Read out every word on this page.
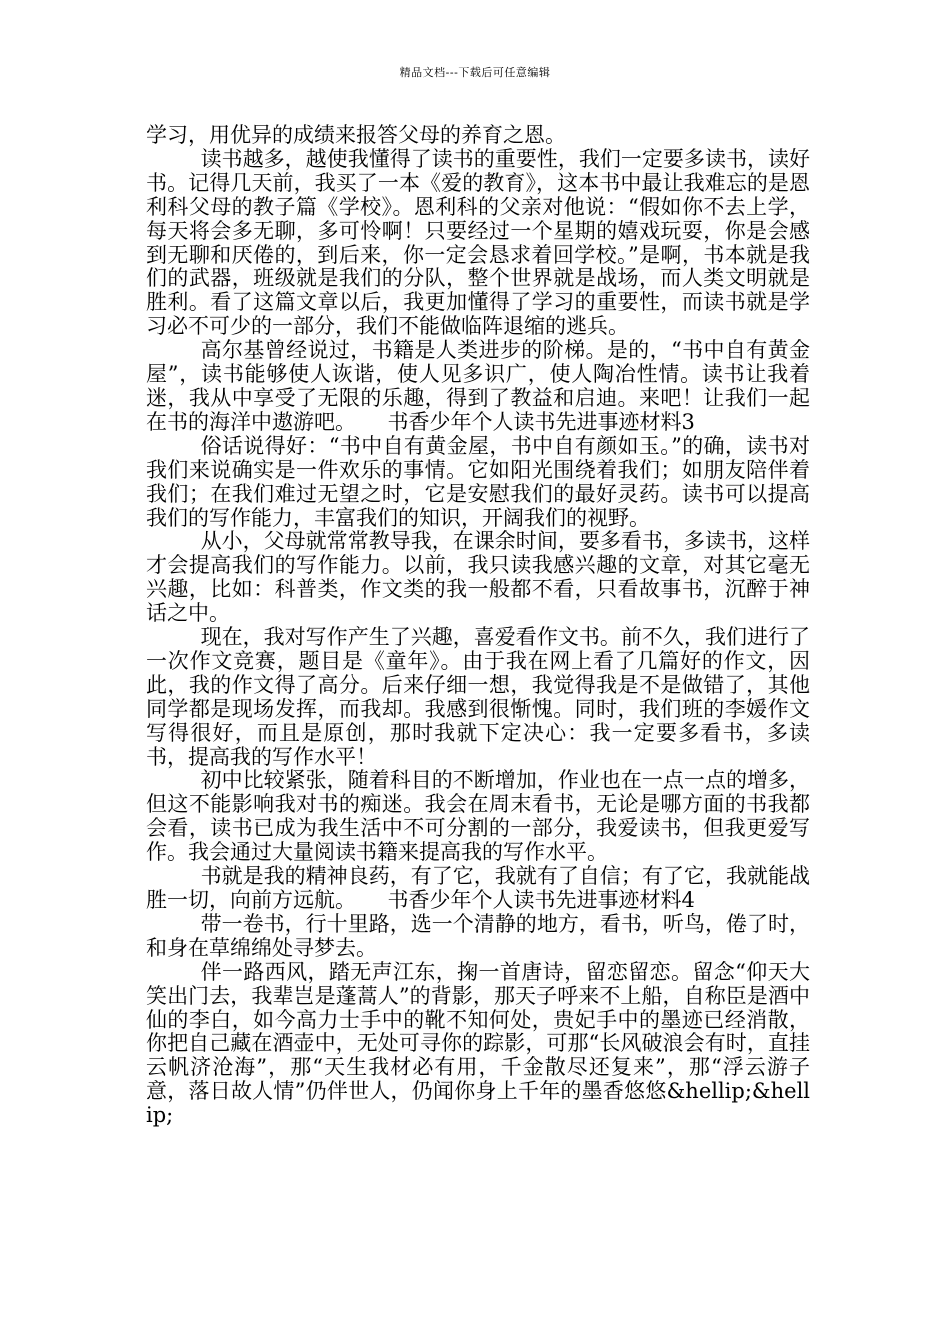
精品文档---下载后可任意编辑

学习，用优异的成绩来报答父母的养育之恩。

读书越多，越使我懂得了读书的重要性，我们一定要多读书，读好书。记得几天前，我买了一本《爱的教育》，这本书中最让我难忘的是恩利科父母的教子篇《学校》。恩利科的父亲对他说：“假如你不去上学，每天将会多无聊，多可怜啊！只要经过一个星期的嬉戏玩耍，你是会感到无聊和厌倦的，到后来，你一定会恳求着回学校。”是啊，书本就是我们的武器，班级就是我们的分队，整个世界就是战场，而人类文明就是胜利。看了这篇文章以后，我更加懂得了学习的重要性，而读书就是学习必不可少的一部分，我们不能做临阵退缩的逃兵。

高尔基曾经说过，书籍是人类进步的阶梯。是的，“书中自有黄金屋”，读书能够使人诙谐，使人见多识广，使人陶冶性情。读书让我着迷，我从中享受了无限的乐趣，得到了教益和启迪。来吧！让我们一起在书的海洋中遨游吧。　　书香少年个人读书先进事迹材料3

俗话说得好：“书中自有黄金屋，书中自有颜如玉。”的确，读书对我们来说确实是一件欢乐的事情。它如阳光围绕着我们；如朋友陪伴着我们；在我们难过无望之时，它是安慰我们的最好灵药。读书可以提高我们的写作能力，丰富我们的知识，开阔我们的视野。

从小，父母就常常教导我，在课余时间，要多看书，多读书，这样才会提高我们的写作能力。以前，我只读我感兴趣的文章，对其它毫无兴趣，比如：科普类，作文类的我一般都不看，只看故事书，沉醉于神话之中。

现在，我对写作产生了兴趣，喜爱看作文书。前不久，我们进行了一次作文竞赛，题目是《童年》。由于我在网上看了几篇好的作文，因此，我的作文得了高分。后来仔细一想，我觉得我是不是做错了，其他同学都是现场发挥，而我却。我感到很惭愧。同时，我们班的李媛作文写得很好，而且是原创，那时我就下定决心：我一定要多看书，多读书，提高我的写作水平！

初中比较紧张，随着科目的不断增加，作业也在一点一点的增多，但这不能影响我对书的痴迷。我会在周末看书，无论是哪方面的书我都会看，读书已成为我生活中不可分割的一部分，我爱读书，但我更爱写作。我会通过大量阅读书籍来提高我的写作水平。

书就是我的精神良药，有了它，我就有了自信；有了它，我就能战胜一切，向前方远航。　　书香少年个人读书先进事迹材料4

带一卷书，行十里路，选一个清静的地方，看书，听鸟，倦了时，和身在草绵绵处寻梦去。

伴一路西风，踏无声江东，掬一首唐诗，留恋留恋。留念“仰天大笑出门去，我辈岂是蓬蒿人”的背影，那天子呼来不上船，自称臣是酒中仙的李白，如今高力士手中的靴不知何处，贵妃手中的墨迹已经消散，你把自己藏在酒壶中，无处可寻你的踪影，可那“长风破浪会有时，直挂云帆济沧海”，那“天生我材必有用，千金散尽还复来”，那“浮云游子意，落日故人情”仍伴世人，仍闻你身上千年的墨香悠悠&hellip;&hellip;
